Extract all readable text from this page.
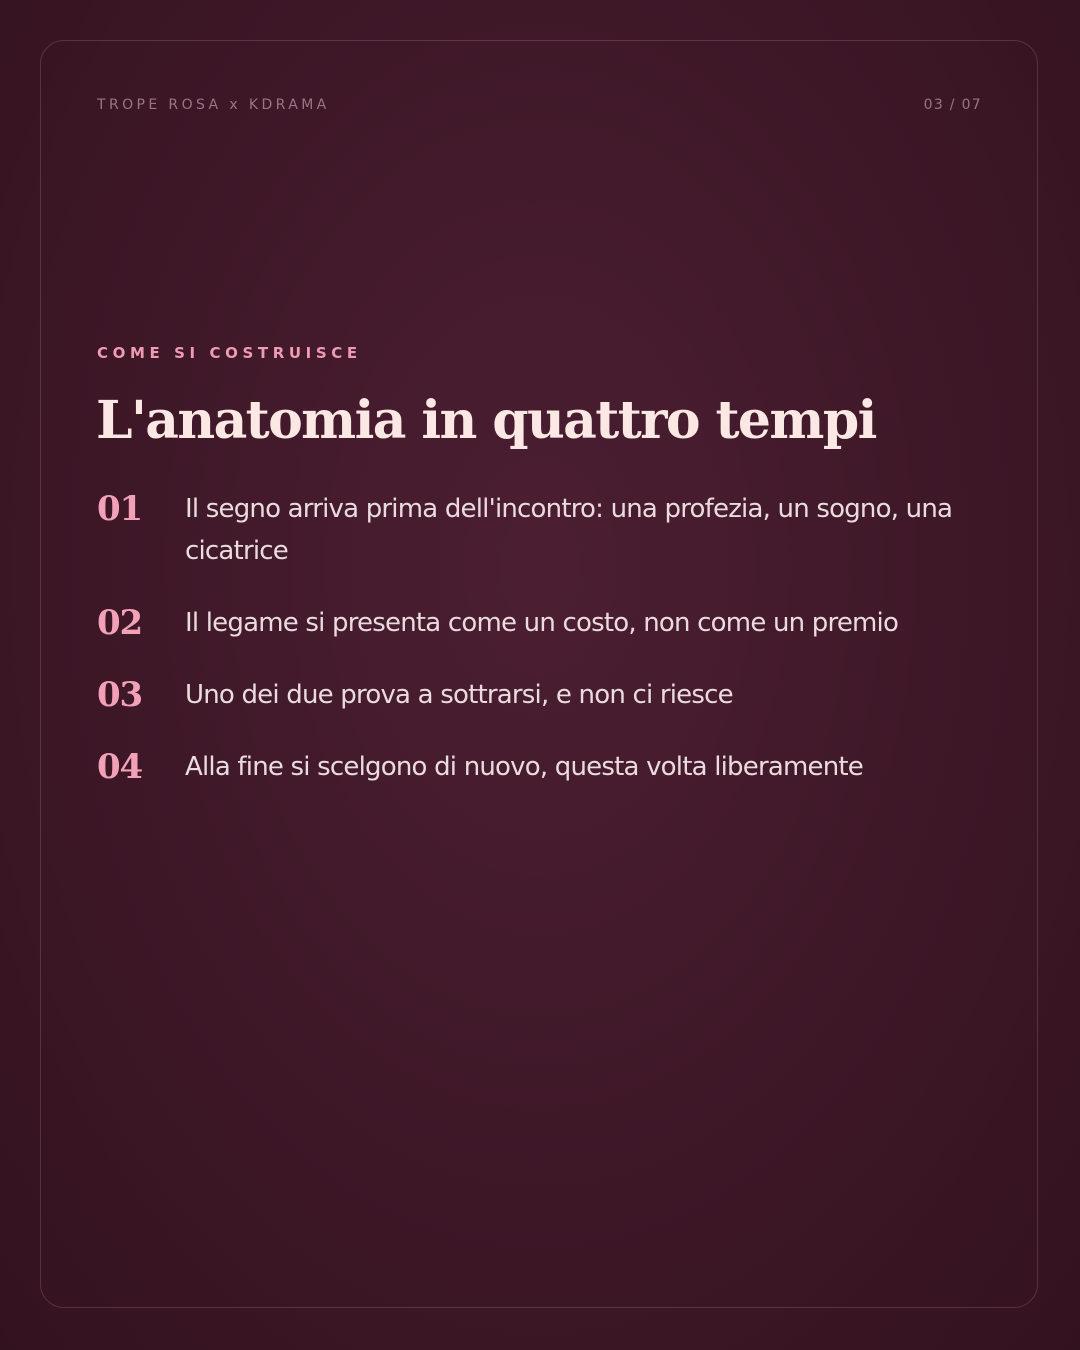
TROPE ROSA x KDRAMA	03 / 07
COME SI COSTRUISCE
L'anatomia in quattro tempi
01	Il segno arriva prima dell'incontro: una profezia, un sogno, una cicatrice
02	Il legame si presenta come un costo, non come un premio
03	Uno dei due prova a sottrarsi, e non ci riesce
04	Alla fine si scelgono di nuovo, questa volta liberamente
